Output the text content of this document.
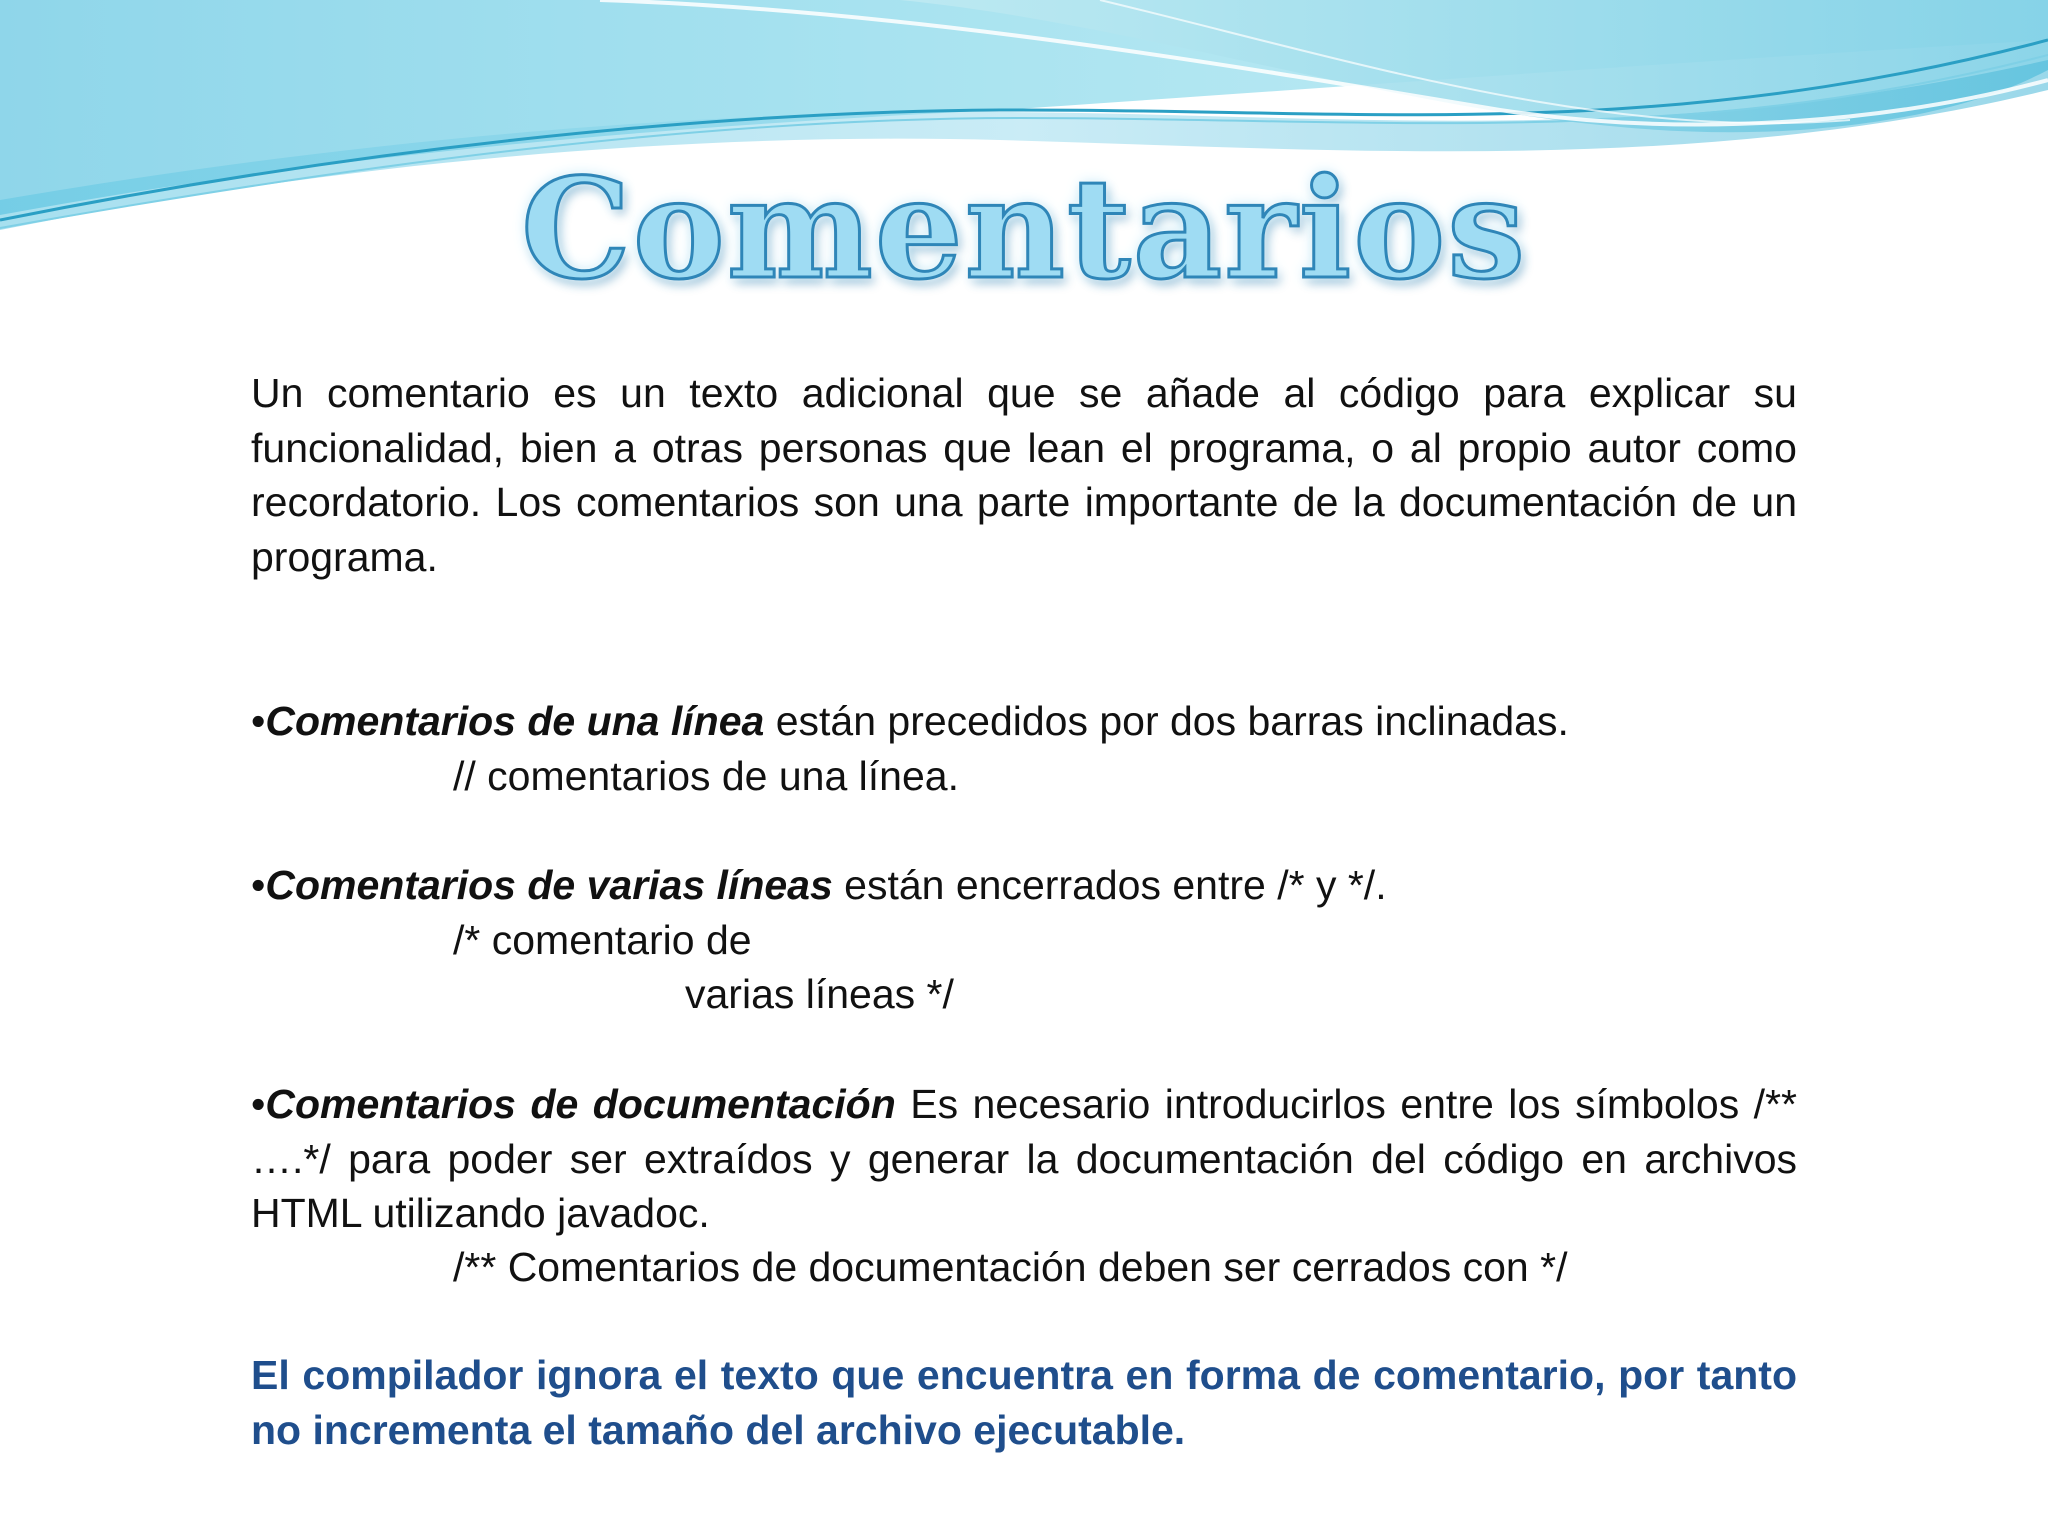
Comentarios
Un comentario es un texto adicional que se añade al código para explicar su funcionalidad, bien a otras personas que lean el programa, o al propio autor como recordatorio. Los comentarios son una parte importante de la documentación de un programa.
•Comentarios de una línea están precedidos por dos barras inclinadas.
// comentarios de una línea.
•Comentarios de varias líneas están encerrados entre /* y */.
/* comentario de
varias líneas */
•Comentarios de documentación Es necesario introducirlos entre los símbolos /** ….*/ para poder ser extraídos y generar la documentación del código en archivos HTML utilizando javadoc.
/** Comentarios de documentación deben ser cerrados con */
El compilador ignora el texto que encuentra en forma de comentario, por tanto no incrementa el tamaño del archivo ejecutable.
